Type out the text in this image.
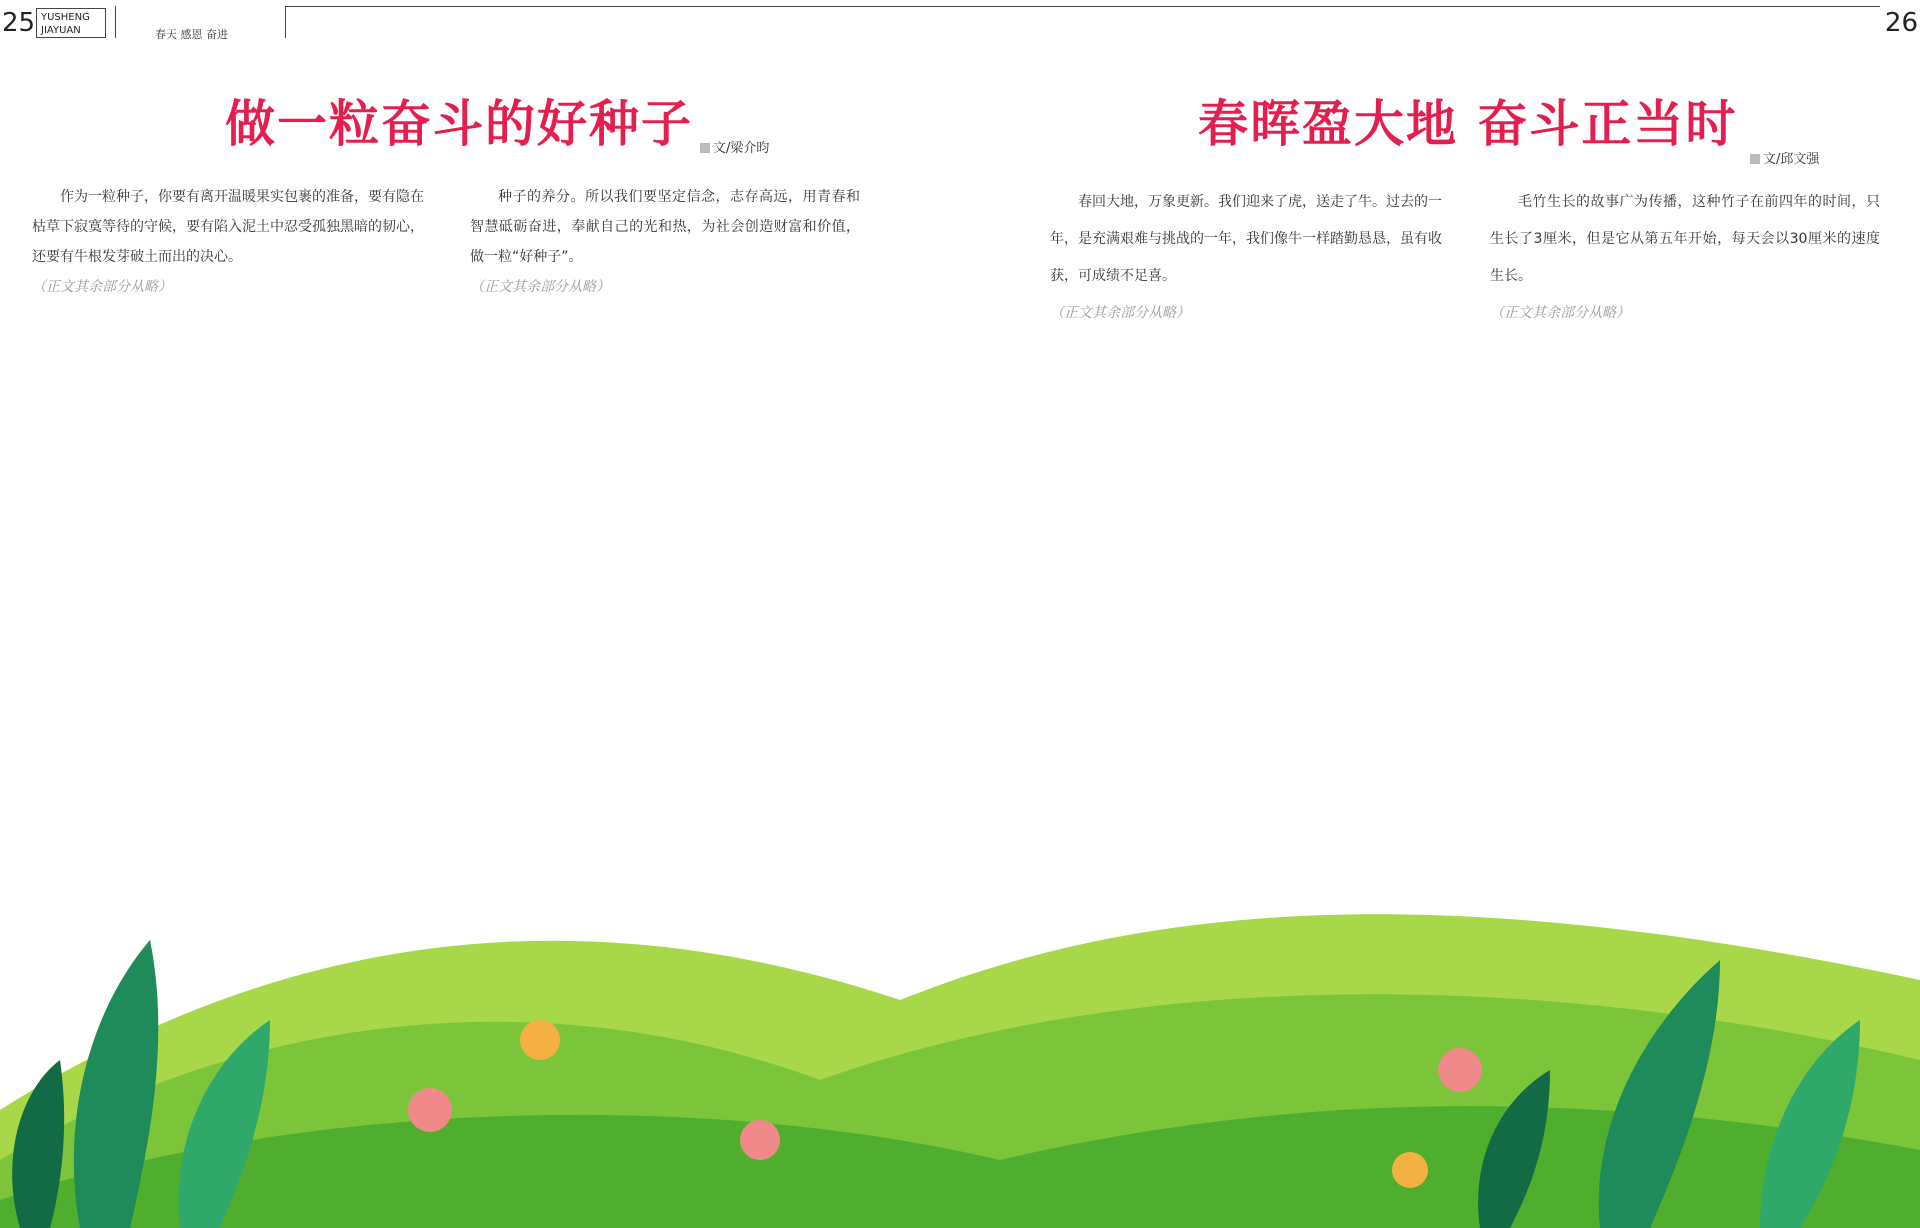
25	26
YUSHENG
JIAYUAN	春天 感恩 奋进
做一粒奋斗的好种子	文/梁介昀	春晖盈大地 奋斗正当时
文/邱文强

作为一粒种子，你要有离开温暖果实包裹的准备，要有隐在枯草下寂寞等待的守候，要有陷入泥土中忍受孤独黑暗的韧心，还要有牛根发芽破土而出的决心。

（正文其余部分从略）

种子的养分。所以我们要坚定信念，志存高远，用青春和智慧砥砺奋进，奉献自己的光和热，为社会创造财富和价值，做一粒“好种子”。

（正文其余部分从略）

春回大地，万象更新。我们迎来了虎，送走了牛。过去的一年，是充满艰难与挑战的一年，我们像牛一样踏勤恳恳，虽有收获，可成绩不足喜。

（正文其余部分从略）

毛竹生长的故事广为传播，这种竹子在前四年的时间，只生长了3厘米，但是它从第五年开始，每天会以30厘米的速度生长。

（正文其余部分从略）
